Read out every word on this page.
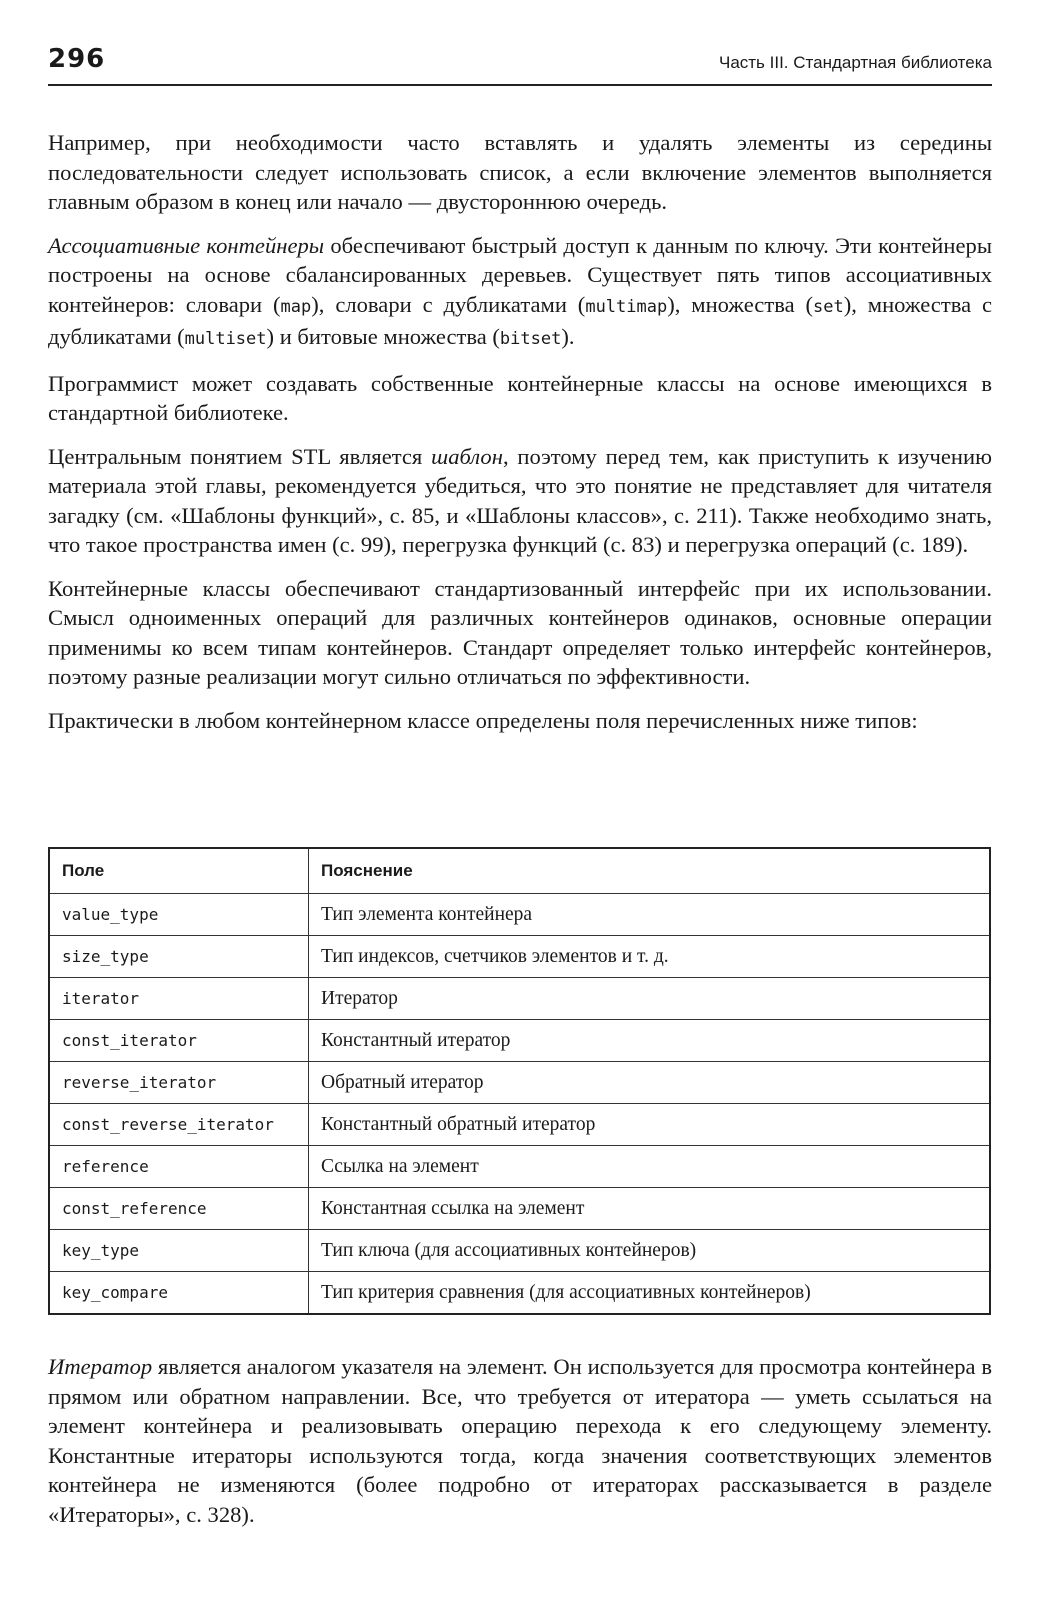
296	Часть III. Стандартная библиотека

Например, при необходимости часто вставлять и удалять элементы из середины последовательности следует использовать список, а если включение элементов выполняется главным образом в конец или начало — двустороннюю очередь.

Ассоциативные контейнеры обеспечивают быстрый доступ к данным по ключу. Эти контейнеры построены на основе сбалансированных деревьев. Существует пять типов ассоциативных контейнеров: словари (map), словари с дубликатами (multimap), множества (set), множества с дубликатами (multiset) и битовые множества (bitset).

Программист может создавать собственные контейнерные классы на основе имеющихся в стандартной библиотеке.

Центральным понятием STL является шаблон, поэтому перед тем, как приступить к изучению материала этой главы, рекомендуется убедиться, что это понятие не представляет для читателя загадку (см. «Шаблоны функций», с. 85, и «Шаблоны классов», с. 211). Также необходимо знать, что такое пространства имен (с. 99), перегрузка функций (с. 83) и перегрузка операций (с. 189).

Контейнерные классы обеспечивают стандартизованный интерфейс при их использовании. Смысл одноименных операций для различных контейнеров одинаков, основные операции применимы ко всем типам контейнеров. Стандарт определяет только интерфейс контейнеров, поэтому разные реализации могут сильно отличаться по эффективности.

Практически в любом контейнерном классе определены поля перечисленных ниже типов:

Поле	Пояснение
value_type	Тип элемента контейнера
size_type	Тип индексов, счетчиков элементов и т. д.
iterator	Итератор
const_iterator	Константный итератор
reverse_iterator	Обратный итератор
const_reverse_iterator	Константный обратный итератор
reference	Ссылка на элемент
const_reference	Константная ссылка на элемент
key_type	Тип ключа (для ассоциативных контейнеров)
key_compare	Тип критерия сравнения (для ассоциативных контейнеров)

Итератор является аналогом указателя на элемент. Он используется для просмотра контейнера в прямом или обратном направлении. Все, что требуется от итератора — уметь ссылаться на элемент контейнера и реализовывать операцию перехода к его следующему элементу. Константные итераторы используются тогда, когда значения соответствующих элементов контейнера не изменяются (более подробно от итераторах рассказывается в разделе «Итераторы», с. 328).
